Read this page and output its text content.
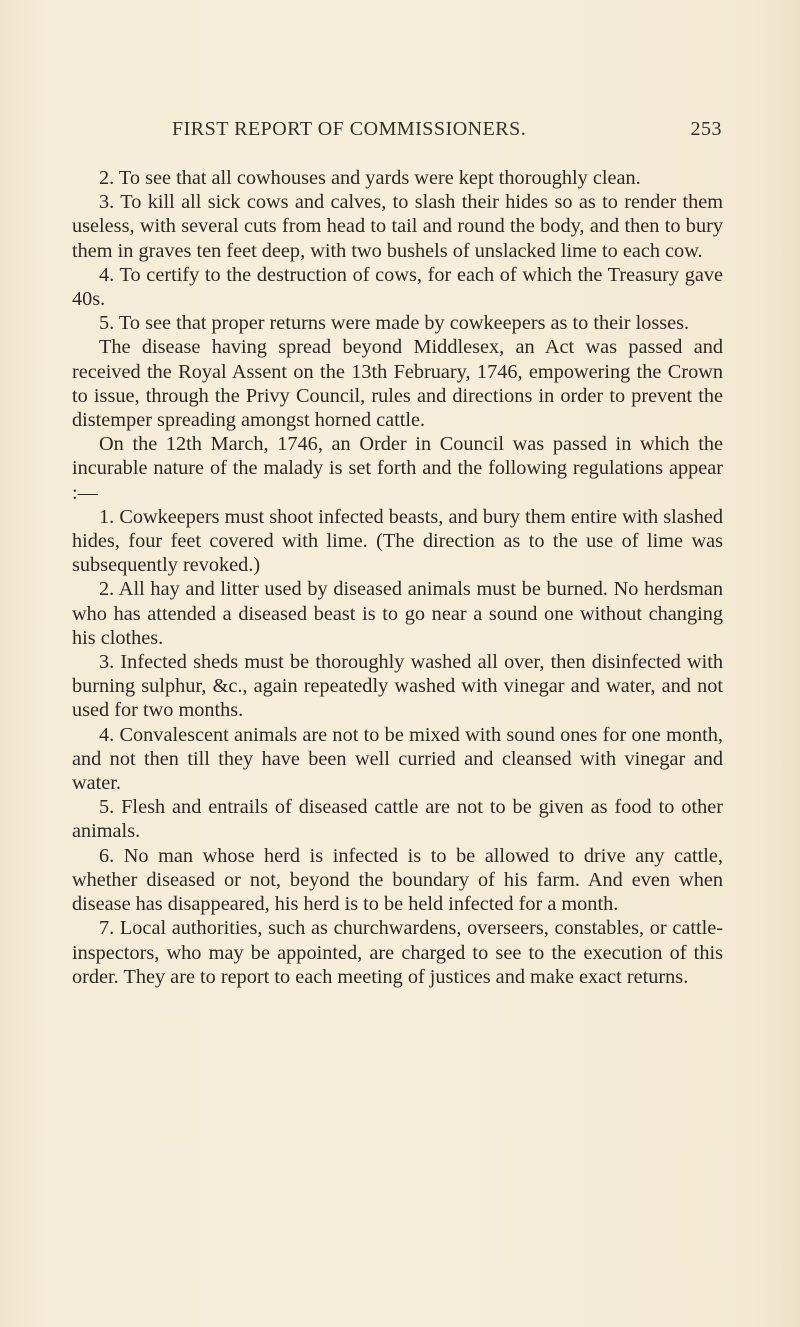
FIRST REPORT OF COMMISSIONERS.	253

2. To see that all cowhouses and yards were kept thoroughly clean.

3. To kill all sick cows and calves, to slash their hides so as to render them useless, with several cuts from head to tail and round the body, and then to bury them in graves ten feet deep, with two bushels of unslacked lime to each cow.

4. To certify to the destruction of cows, for each of which the Treasury gave 40s.

5. To see that proper returns were made by cowkeepers as to their losses.

The disease having spread beyond Middlesex, an Act was passed and received the Royal Assent on the 13th February, 1746, empowering the Crown to issue, through the Privy Council, rules and directions in order to prevent the distemper spreading amongst horned cattle.

On the 12th March, 1746, an Order in Council was passed in which the incurable nature of the malady is set forth and the following regulations appear :—

1. Cowkeepers must shoot infected beasts, and bury them entire with slashed hides, four feet covered with lime. (The direction as to the use of lime was subsequently revoked.)

2. All hay and litter used by diseased animals must be burned. No herdsman who has attended a diseased beast is to go near a sound one without changing his clothes.

3. Infected sheds must be thoroughly washed all over, then disinfected with burning sulphur, &c., again repeatedly washed with vinegar and water, and not used for two months.

4. Convalescent animals are not to be mixed with sound ones for one month, and not then till they have been well curried and cleansed with vinegar and water.

5. Flesh and entrails of diseased cattle are not to be given as food to other animals.

6. No man whose herd is infected is to be allowed to drive any cattle, whether diseased or not, beyond the boundary of his farm. And even when disease has disappeared, his herd is to be held infected for a month.

7. Local authorities, such as churchwardens, overseers, constables, or cattle-inspectors, who may be appointed, are charged to see to the execution of this order. They are to report to each meeting of justices and make exact returns.
